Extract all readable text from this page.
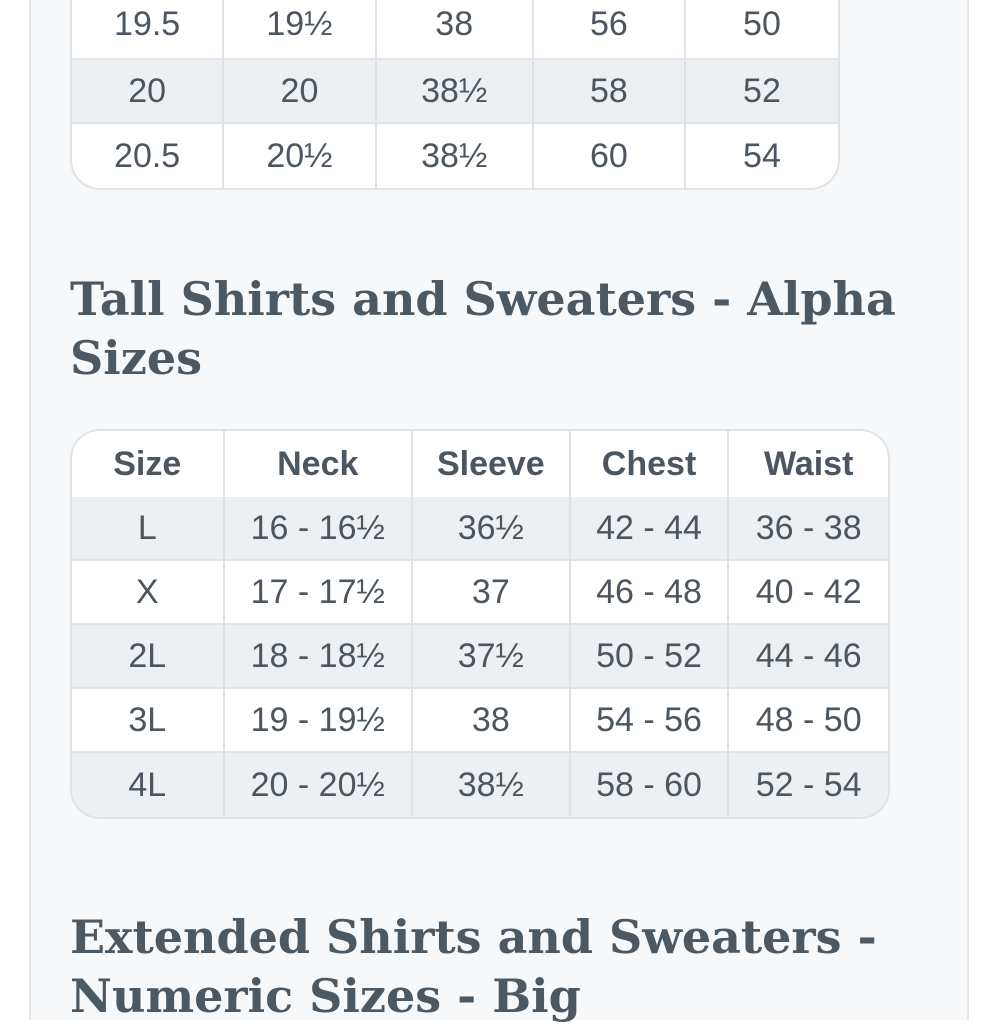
19.5	19½	38	56	50
20	20	38½	58	52
20.5	20½	38½	60	54
Tall Shirts and Sweaters - Alpha Sizes
Size	Neck	Sleeve	Chest	Waist
L	16 - 16½	36½	42 - 44	36 - 38
X	17 - 17½	37	46 - 48	40 - 42
2L	18 - 18½	37½	50 - 52	44 - 46
3L	19 - 19½	38	54 - 56	48 - 50
4L	20 - 20½	38½	58 - 60	52 - 54
Extended Shirts and Sweaters - Numeric Sizes - Big
